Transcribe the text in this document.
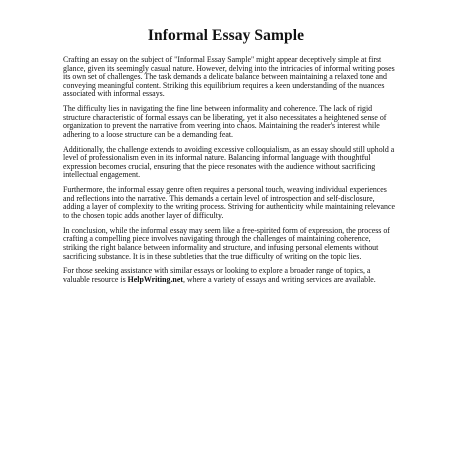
Informal Essay Sample

Crafting an essay on the subject of "Informal Essay Sample" might appear deceptively simple at first glance, given its seemingly casual nature. However, delving into the intricacies of informal writing poses its own set of challenges. The task demands a delicate balance between maintaining a relaxed tone and conveying meaningful content. Striking this equilibrium requires a keen understanding of the nuances associated with informal essays.

The difficulty lies in navigating the fine line between informality and coherence. The lack of rigid structure characteristic of formal essays can be liberating, yet it also necessitates a heightened sense of organization to prevent the narrative from veering into chaos. Maintaining the reader's interest while adhering to a loose structure can be a demanding feat.

Additionally, the challenge extends to avoiding excessive colloquialism, as an essay should still uphold a level of professionalism even in its informal nature. Balancing informal language with thoughtful expression becomes crucial, ensuring that the piece resonates with the audience without sacrificing intellectual engagement.

Furthermore, the informal essay genre often requires a personal touch, weaving individual experiences and reflections into the narrative. This demands a certain level of introspection and self-disclosure, adding a layer of complexity to the writing process. Striving for authenticity while maintaining relevance to the chosen topic adds another layer of difficulty.

In conclusion, while the informal essay may seem like a free-spirited form of expression, the process of crafting a compelling piece involves navigating through the challenges of maintaining coherence, striking the right balance between informality and structure, and infusing personal elements without sacrificing substance. It is in these subtleties that the true difficulty of writing on the topic lies.

For those seeking assistance with similar essays or looking to explore a broader range of topics, a valuable resource is HelpWriting.net, where a variety of essays and writing services are available.
